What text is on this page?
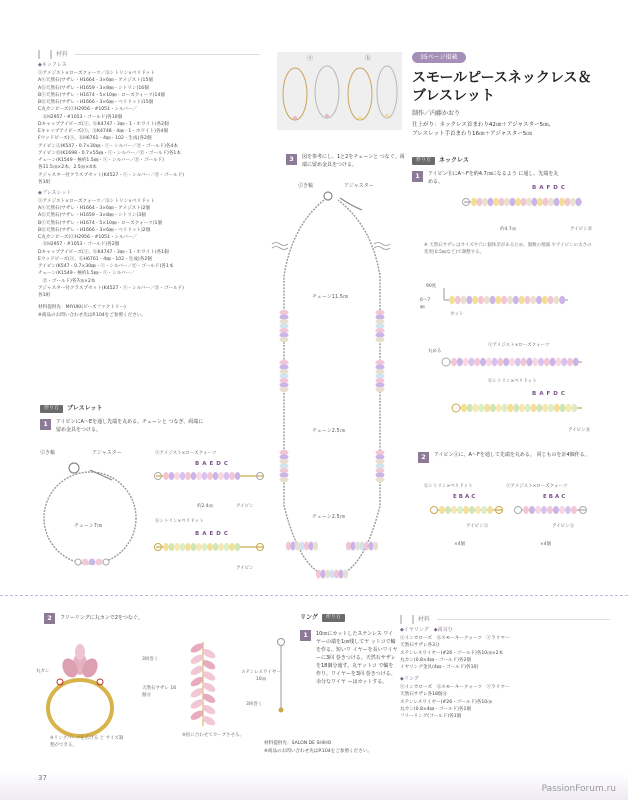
材料
◆ネックレス
ⓐアメジスト×ローズクォーツ／ⓑシトリン×ペリドット
Aⓐ天然石(サザレ・H1664・3×6㎜・アメジスト)15個
Aⓑ天然石(サザレ・H1659・3×8㎜・シトリン)16個
Bⓐ天然石(サザレ・H1674・5×10㎜・ローズクォーツ)14個
Bⓑ天然石(サザレ・H1666・3×6㎜・ペリドット)15個
C丸カンビーズ(ⓐH2956・#1051・シルバー／
　ⓑH2957・#1053・ゴールド)各10個
Dキャップアイビーズ(ⓐ、ⓑK4747・3㎜・1・ホワイト)各2個
Eキャップアイビーズ(ⓐ、ⓑK4748・4㎜・1・ホワイト)各4個
Fウッドビーズ(ⓐ、ⓑH6761・4㎜・102・生成)各2個
アイピンⒶ(K547・0.7×30㎜・ⓢ・シルバー／ⓖ・ゴールド)各4本
アイピンⒷ(K1698・0.7×55㎜・ⓢ・シルバー／ⓖ・ゴールド)各1本
チェーン(K1549・極約1.5㎜・ⓢ・シルバー／ⓖ・ゴールド)
各11.5㎝×2本、2.5㎝×4本
アジャスター付クラスプセット(K4527・ⓢ・シルバー／ⓖ・ゴールド)
各1組
◆ブレスレット
ⓐアメジスト×ローズクォーツ／ⓑシトリン×ペリドット
Aⓐ天然石(サザレ・H1664・3×6㎜・アメジスト)2個
Aⓑ天然石(サザレ・H1659・3×8㎜・シトリン)3個
Bⓐ天然石(サザレ・H1674・5×10㎜・ローズクォーツ)1個
Bⓑ天然石(サザレ・H1666・3×6㎜・ペリドット)2個
C丸カンビーズ(ⓐH2956・#1051・シルバー／
　ⓑH2957・#1053・ゴールド)各2個
Dキャップアイビーズ(ⓐ、ⓑK4747・3㎜・1・ホワイト)各1個
Eウッドビーズ(ⓐ、ⓑH6761・4㎜・102・生成)各2個
アイピン(K547・0.7×30㎜・ⓢ・シルバー／ⓖ・ゴールド)各1本
チェーン(K1549・極約1.5㎜・ⓢ・シルバー／
　ⓖ・ゴールド)各7㎝×2本
アジャスター付クラスプセット(K4527・ⓢ・シルバー／ⓖ・ゴールド)
各1組
材料提供先：MIYUKI(ビーズファクトリー)
※商品のお問い合わせ先はP.104をご参照ください。
作り方	ブレスレット
1	アイピンにA〜Eを通し先端を丸める。チェーンと つなぎ、両端に留め金具をつける。
引き輪	アジャスター
チェーン7㎝
ⓐアメジスト×ローズクォーツ
BAEDC
約2.4㎝	アイピン
ⓑシトリン×ペリドット
BAEDC
アイピン
ⓐ	ⓑ
3	図を参考にし、1と2をチェーンと つなぐ。両端に留め金具をつける。
引き輪	アジャスター
チェーン11.5㎝
チェーン2.5㎝
チェーン2.5㎝
35ページ掲載
スモールピースネックレス＆
ブレスレット
制作／内藤かおり
仕上がり：ネックレス首まわり42㎝＋アジャスター5㎝、
ブレスレット手首まわり16㎝＋アジャスター5㎝
作り方	ネックレス
1	アイピンⒷにA〜Fを約4.7㎝になるよう に通し、先端を丸める。
BAFDC
約4.7㎝	アイピンⒷ
※ 天然石サザレはサイズや穴に個体差があるため、個数の増減 やアイピンの太さの変更(0.5㎜など)で調整する。
90度
6〜7㎜
カット
丸める
ⓐアメジスト×ローズクォーツ
ⓑシトリン×ペリドット
BAFDC
アイピンⒷ
2	アイピンⒶに、A〜Fを通して先端を丸める。 同じものを計4個作る。
ⓑシトリン×ペリドット	ⓐアメジスト×ローズクォーツ
EBAC	EBAC
アイピンⒶ	アイピンⒶ
×4個	×4個
2	フリーリングに丸カンで2をつなぐ。
丸カン
※リングパーツを広げる と サイズ調整ができる。
3回巻く
天然石サザレ 16個分
※指に合わせてカーブさせる。
ステンレスワイヤー 10㎝
3回巻く
リング	作り方
1	10㎝にカットしたステンレス ワイヤーの端を1㎝残してヤ ットコで輪を作る。短いワ イヤーを長いワイヤーに3回 巻きつける。天然石サザレ を18個分通す。丸ヤットコ で輪を作り、ワイヤーを3回 巻きつける。余分なワイヤ ーはカットする。
材料提供先：SALON DE SHIHO
※商品のお問い合わせ先はP.104をご参照ください。
材料
◆イヤリング　◆両耳分
ⓐインカローズ　ⓑスモーキークォーツ　ⓒラリマー
天然石サザレ各3分
ステンレスワイヤー(#26・ゴールド)各10㎝×2本
丸カン(0.8×4㎜・ゴールド)各2個
イヤリング金具(4㎜・ゴールド)各1組
◆リング
ⓐインカローズ　ⓑスモーキークォーツ　ⓒラリマー
天然石サザレ各18個分
ステンレスワイヤー(#26・ゴールド)各10㎝
丸カン(0.8×4㎜・ゴールド)各1個
フリーリング(ゴールド)各1個
37
PassionForum.ru
